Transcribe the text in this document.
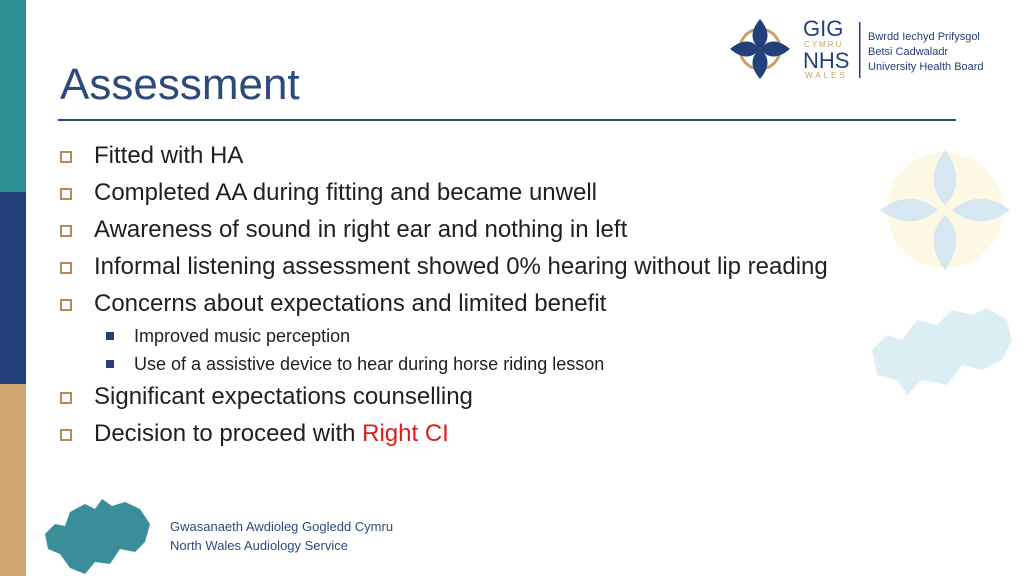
Assessment
GIG
CYMRU
NHS
WALES
Bwrdd Iechyd Prifysgol
Betsi Cadwaladr
University Health Board
Fitted with HA
Completed AA during fitting and became unwell
Awareness of sound in right ear and nothing in left
Informal listening assessment showed 0% hearing without lip reading
Concerns about expectations and limited benefit
Improved music perception
Use of a assistive device to hear during horse riding lesson
Significant expectations counselling
Decision to proceed with Right CI
Gwasanaeth Awdioleg Gogledd Cymru
North Wales Audiology Service
